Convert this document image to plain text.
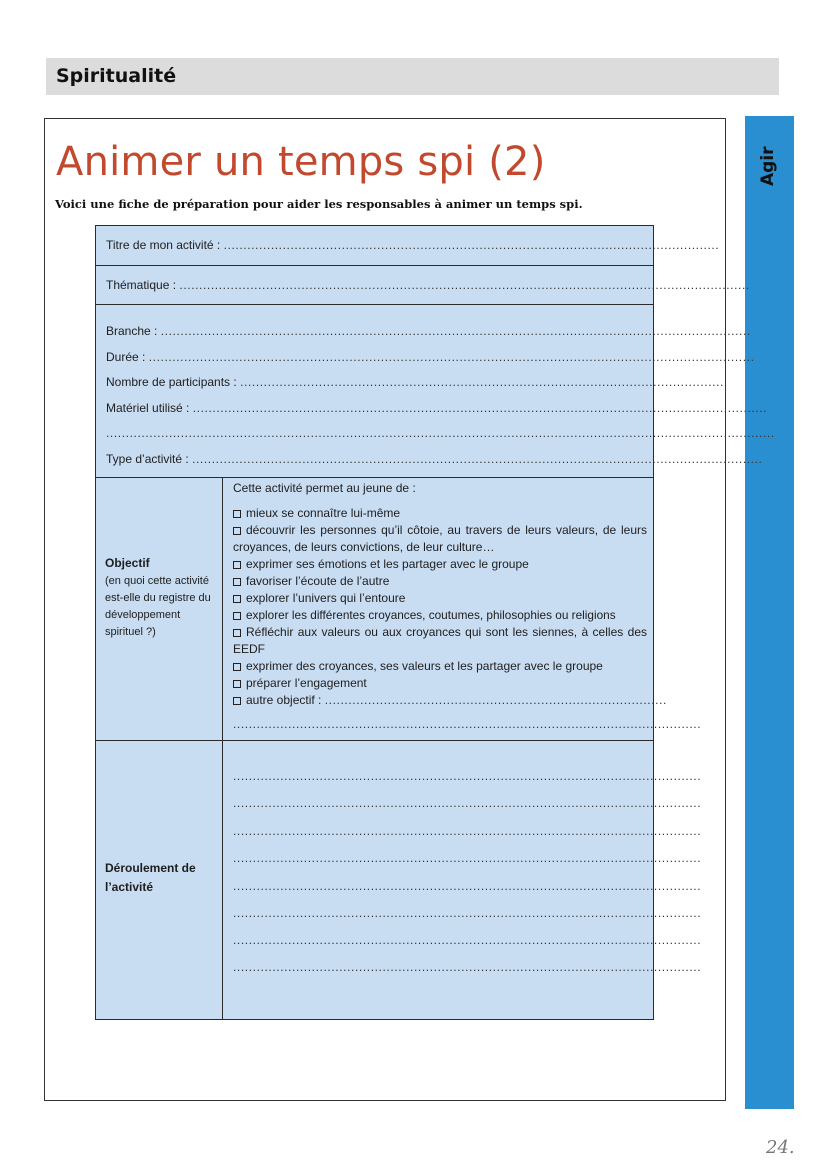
Spiritualité
Agir
Animer un temps spi (2)
Voici une fiche de préparation pour aider les responsables à animer un temps spi.
Titre de mon activité : ..............................................................................................................................
Thématique : .................................................................................................................................................
Branche : ......................................................................................................................................................
Durée : ..........................................................................................................................................................
Nombre de participants : ...........................................................................................................................
Matériel utilisé : ..................................................................................................................................................
..........................................................................................................................................................................
Type d’activité : .................................................................................................................................................
Objectif
(en quoi cette activité est-elle du registre du développement spirituel ?)
Cette activité permet au jeune de :
mieux se connaître lui-même
découvrir les personnes qu’il côtoie, au travers de leurs valeurs, de leurs croyances, de leurs convictions, de leur culture…
exprimer ses émotions et les partager avec le groupe
favoriser l’écoute de l’autre
explorer l’univers qui l’entoure
explorer les différentes croyances, coutumes, philosophies ou religions
Réfléchir aux valeurs ou aux croyances qui sont les siennes, à celles des EEDF
exprimer des croyances, ses valeurs et les partager avec le groupe
préparer l’engagement
autre objectif : .......................................................................................
.......................................................................................................................
Déroulement de l’activité
.......................................................................................................................
.......................................................................................................................
.......................................................................................................................
.......................................................................................................................
.......................................................................................................................
.......................................................................................................................
.......................................................................................................................
.......................................................................................................................
24.
